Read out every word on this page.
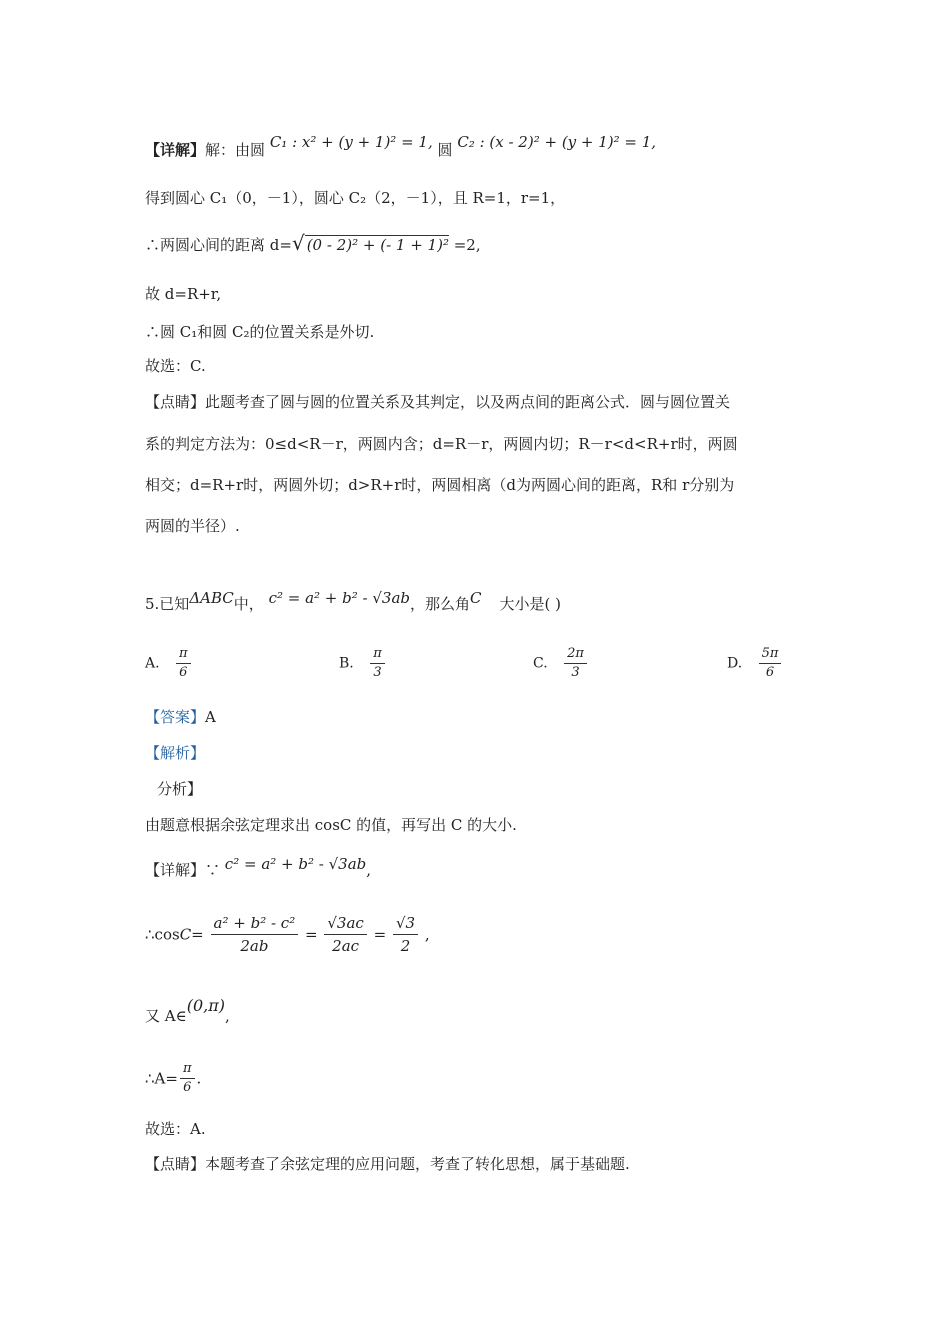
【详解】解：由圆 C₁ : x² + (y + 1)² = 1, 圆 C₂ : (x - 2)² + (y + 1)² = 1,
得到圆心 C₁（0，－1），圆心 C₂（2，－1），且 R=1，r=1，
∴两圆心间的距离 d=√ (0 - 2)² + (- 1 + 1)² =2,
故 d=R+r,
∴圆 C₁和圆 C₂的位置关系是外切.
故选：C.
【点睛】此题考查了圆与圆的位置关系及其判定，以及两点间的距离公式．圆与圆位置关
系的判定方法为：0≤d<R－r，两圆内含；d=R－r，两圆内切；R－r<d<R+r时，两圆
相交；d=R+r时，两圆外切；d>R+r时，两圆相离（d为两圆心间的距离，R和 r分别为
两圆的半径）.
5.已知ΔABC中， c² = a² + b² - √3ab，那么角C 大小是( )
A. $\frac{\pi}{6}$	B. $\frac{\pi}{3}$	C. $\frac{2\pi}{3}$	D. $\frac{5\pi}{6}$
【答案】A
【解析】
分析】
由题意根据余弦定理求出 cosC 的值，再写出 C 的大小.
【详解】∵ c² = a² + b² - √3ab,
∴cosC= $\frac{\text{a² + b² - c²}}{2ab} = \frac{√3ac}{2ac} = \frac{√3}{2}$ ,
又 A∈(0,π),
∴A= $\frac{\pi}{6}$ .
故选：A.
【点睛】本题考查了余弦定理的应用问题，考查了转化思想，属于基础题.
